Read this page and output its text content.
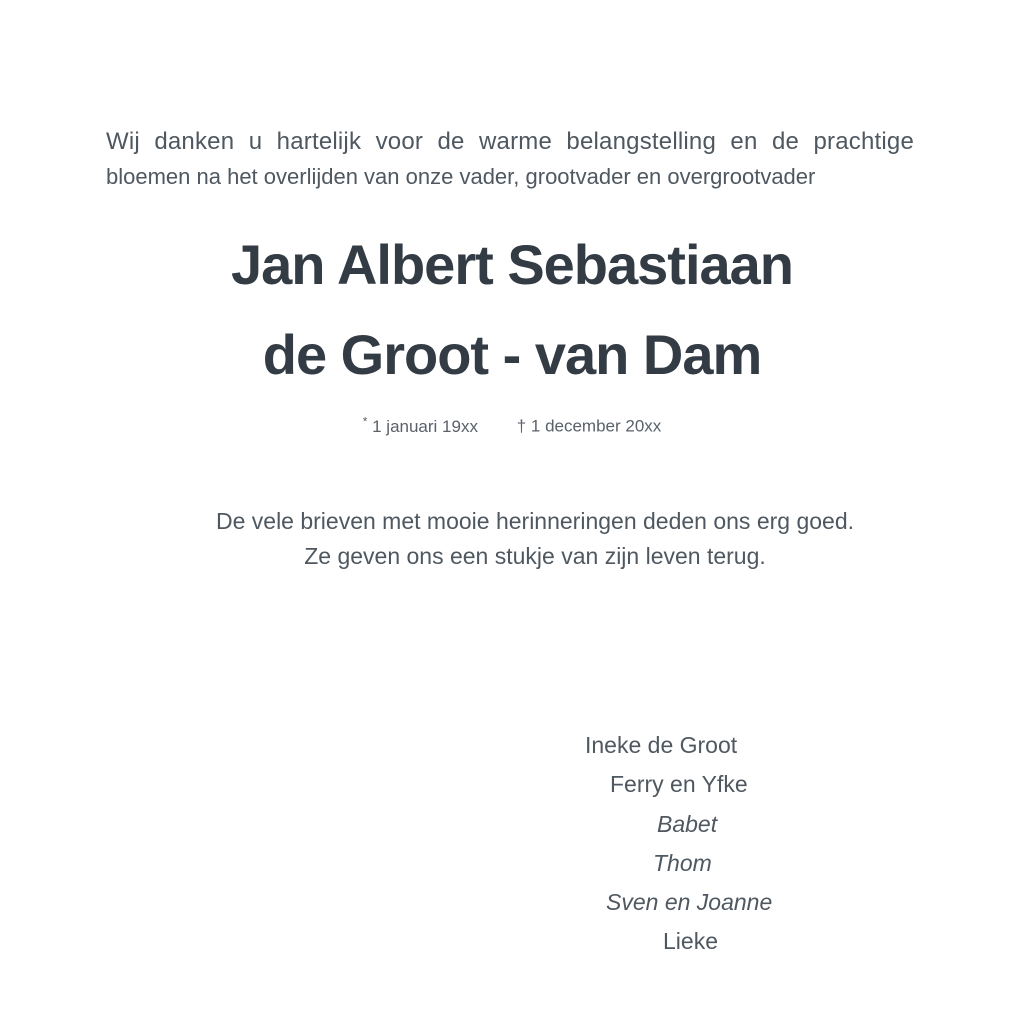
Wij danken u hartelijk voor de warme belangstelling en de prachtige
bloemen na het overlijden van onze vader, grootvader en overgrootvader
Jan Albert Sebastiaan
de Groot - van Dam
* 1 januari 19xx † 1 december 20xx
De vele brieven met mooie herinneringen deden ons erg goed.
Ze geven ons een stukje van zijn leven terug.
Ineke de Groot
Ferry en Yfke
Babet
Thom
Sven en Joanne
Lieke
